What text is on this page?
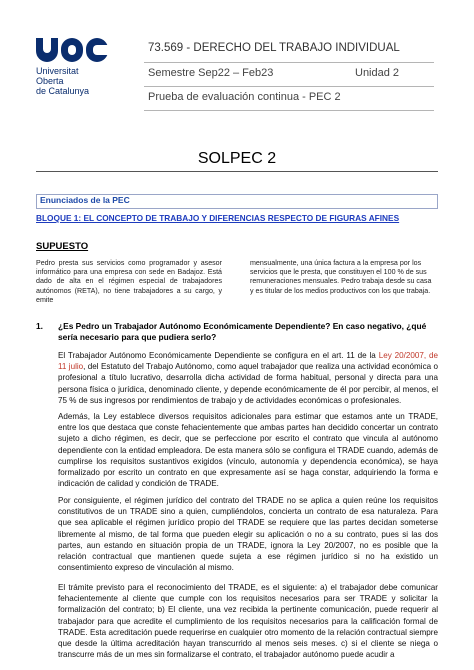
Universitat
Oberta
de Catalunya
73.569 - DERECHO DEL TRABAJO INDIVIDUAL
Semestre Sep22 – Feb23	Unidad 2
Prueba de evaluación continua - PEC 2
SOLPEC 2
Enunciados de la PEC
BLOQUE 1: EL CONCEPTO DE TRABAJO Y DIFERENCIAS RESPECTO DE FIGURAS AFINES
SUPUESTO
Pedro presta sus servicios como programador y asesor informático para una empresa con sede en Badajoz. Está dado de alta en el régimen especial de trabajadores autónomos (RETA), no tiene trabajadores a su cargo, y emite
mensualmente, una única factura a la empresa por los servicios que le presta, que constituyen el 100 % de sus remuneraciones mensuales. Pedro trabaja desde su casa y es titular de los medios productivos con los que trabaja.
1. ¿Es Pedro un Trabajador Autónomo Económicamente Dependiente? En caso negativo, ¿qué sería necesario para que pudiera serlo?
El Trabajador Autónomo Económicamente Dependiente se configura en el art. 11 de la Ley 20/2007, de 11 julio, del Estatuto del Trabajo Autónomo, como aquel trabajador que realiza una actividad económica o profesional a título lucrativo, desarrolla dicha actividad de forma habitual, personal y directa para una persona física o jurídica, denominado cliente, y depende económicamente de él por percibir, al menos, el 75 % de sus ingresos por rendimientos de trabajo y de actividades económicas o profesionales.
Además, la Ley establece diversos requisitos adicionales para estimar que estamos ante un TRADE, entre los que destaca que conste fehacientemente que ambas partes han decidido concertar un contrato sujeto a dicho régimen, es decir, que se perfeccione por escrito el contrato que vincula al autónomo dependiente con la entidad empleadora. De esta manera sólo se configura el TRADE cuando, además de cumplirse los requisitos sustantivos exigidos (vínculo, autonomía y dependencia económica), se haya formalizado por escrito un contrato en que expresamente así se haga constar, adquiriendo la forma e indicación de calidad y condición de TRADE.
Por consiguiente, el régimen jurídico del contrato del TRADE no se aplica a quien reúne los requisitos constitutivos de un TRADE sino a quien, cumpliéndolos, concierta un contrato de esa naturaleza. Para que sea aplicable el régimen jurídico propio del TRADE se requiere que las partes decidan someterse libremente al mismo, de tal forma que pueden elegir su aplicación o no a su contrato, pues si las dos partes, aun estando en situación propia de un TRADE, ignora la Ley 20/2007, no es posible que la relación contractual que mantienen quede sujeta a ese régimen jurídico si no ha existido un consentimiento expreso de vinculación al mismo.
El trámite previsto para el reconocimiento del TRADE, es el siguiente: a) el trabajador debe comunicar fehacientemente al cliente que cumple con los requisitos necesarios para ser TRADE y solicitar la formalización del contrato; b) El cliente, una vez recibida la pertinente comunicación, puede requerir al trabajador para que acredite el cumplimiento de los requisitos necesarios para la calificación formal de TRADE. Esta acreditación puede requerirse en cualquier otro momento de la relación contractual siempre que desde la última acreditación hayan transcurrido al menos seis meses. c) si el cliente se niega o transcurre más de un mes sin formalizarse el contrato, el trabajador autónomo puede acudir a
